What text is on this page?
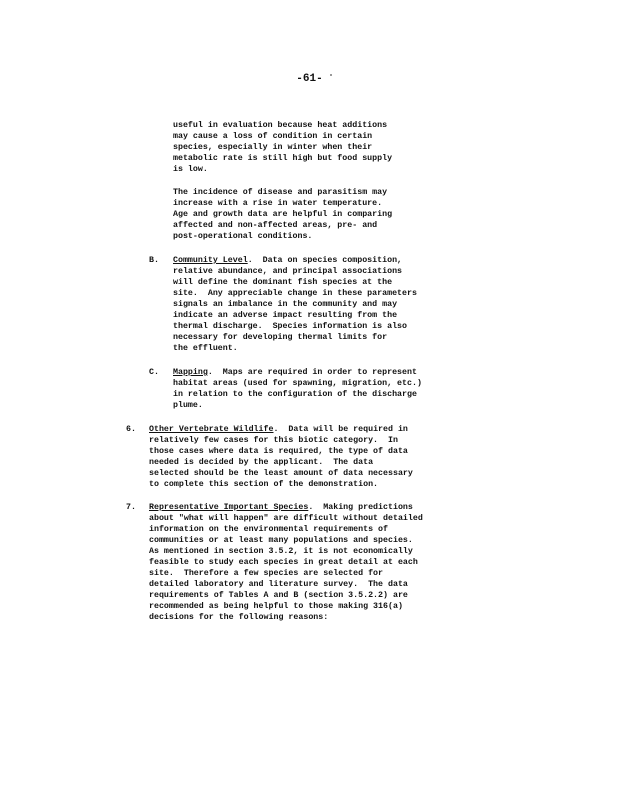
-61-
useful in evaluation because heat additions
may cause a loss of condition in certain
species, especially in winter when their
metabolic rate is still high but food supply
is low.
The incidence of disease and parasitism may
increase with a rise in water temperature.
Age and growth data are helpful in comparing
affected and non-affected areas, pre- and
post-operational conditions.
B. Community Level.  Data on species composition,
relative abundance, and principal associations
will define the dominant fish species at the
site.  Any appreciable change in these parameters
signals an imbalance in the community and may
indicate an adverse impact resulting from the
thermal discharge.  Species information is also
necessary for developing thermal limits for
the effluent.
C. Mapping.  Maps are required in order to represent
habitat areas (used for spawning, migration, etc.)
in relation to the configuration of the discharge
plume.
6. Other Vertebrate Wildlife.  Data will be required in
relatively few cases for this biotic category.  In
those cases where data is required, the type of data
needed is decided by the applicant.  The data
selected should be the least amount of data necessary
to complete this section of the demonstration.
7. Representative Important Species.  Making predictions
about "what will happen" are difficult without detailed
information on the environmental requirements of
communities or at least many populations and species.
As mentioned in section 3.5.2, it is not economically
feasible to study each species in great detail at each
site.  Therefore a few species are selected for
detailed laboratory and literature survey.  The data
requirements of Tables A and B (section 3.5.2.2) are
recommended as being helpful to those making 316(a)
decisions for the following reasons:
